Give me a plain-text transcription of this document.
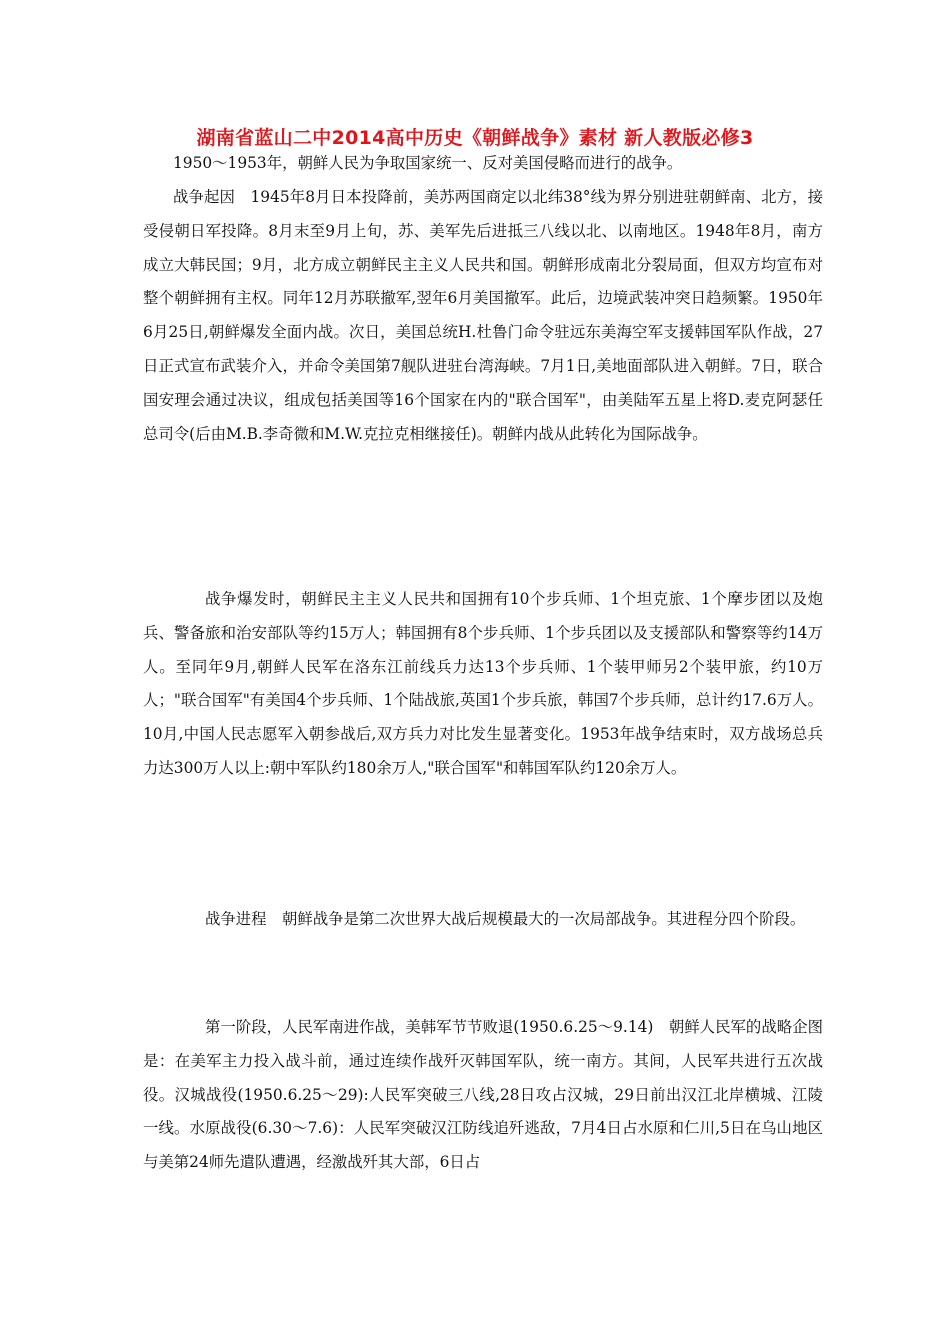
湖南省蓝山二中2014高中历史《朝鲜战争》素材 新人教版必修3

1950～1953年，朝鲜人民为争取国家统一、反对美国侵略而进行的战争。

战争起因　1945年8月日本投降前，美苏两国商定以北纬38°线为界分别进驻朝鲜南、北方，接受侵朝日军投降。8月末至9月上旬，苏、美军先后进抵三八线以北、以南地区。1948年8月，南方成立大韩民国；9月，北方成立朝鲜民主主义人民共和国。朝鲜形成南北分裂局面，但双方均宣布对整个朝鲜拥有主权。同年12月苏联撤军,翌年6月美国撤军。此后，边境武装冲突日趋频繁。1950年6月25日,朝鲜爆发全面内战。次日，美国总统H.杜鲁门命令驻远东美海空军支援韩国军队作战，27日正式宣布武装介入，并命令美国第7舰队进驻台湾海峡。7月1日,美地面部队进入朝鲜。7日，联合国安理会通过决议，组成包括美国等16个国家在内的"联合国军"，由美陆军五星上将D.麦克阿瑟任总司令(后由M.B.李奇微和M.W.克拉克相继接任)。朝鲜内战从此转化为国际战争。

战争爆发时，朝鲜民主主义人民共和国拥有10个步兵师、1个坦克旅、1个摩步团以及炮兵、警备旅和治安部队等约15万人；韩国拥有8个步兵师、1个步兵团以及支援部队和警察等约14万人。至同年9月,朝鲜人民军在洛东江前线兵力达13个步兵师、1个装甲师另2个装甲旅，约10万人；"联合国军"有美国4个步兵师、1个陆战旅,英国1个步兵旅，韩国7个步兵师，总计约17.6万人。10月,中国人民志愿军入朝参战后,双方兵力对比发生显著变化。1953年战争结束时，双方战场总兵力达300万人以上:朝中军队约180余万人,"联合国军"和韩国军队约120余万人。

战争进程　朝鲜战争是第二次世界大战后规模最大的一次局部战争。其进程分四个阶段。

第一阶段，人民军南进作战，美韩军节节败退(1950.6.25～9.14)　朝鲜人民军的战略企图是：在美军主力投入战斗前，通过连续作战歼灭韩国军队，统一南方。其间，人民军共进行五次战役。汉城战役(1950.6.25～29):人民军突破三八线,28日攻占汉城，29日前出汉江北岸横城、江陵一线。水原战役(6.30～7.6)：人民军突破汉江防线追歼逃敌，7月4日占水原和仁川,5日在乌山地区与美第24师先遣队遭遇，经激战歼其大部，6日占
